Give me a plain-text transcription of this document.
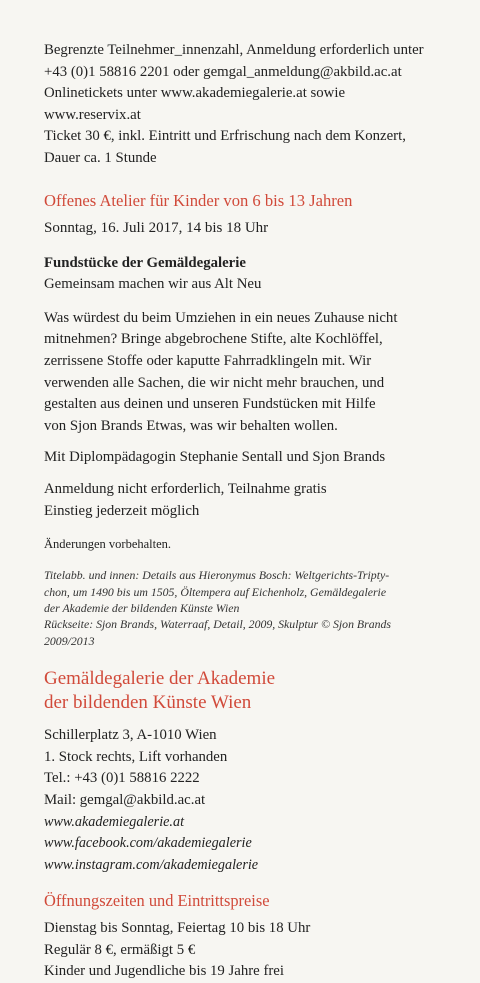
Begrenzte Teilnehmer_innenzahl, Anmeldung erforderlich unter
+43 (0)1 58816 2201 oder gemgal_anmeldung@akbild.ac.at
Onlinetickets unter www.akademiegalerie.at sowie
www.reservix.at
Ticket 30 €, inkl. Eintritt und Erfrischung nach dem Konzert,
Dauer ca. 1 Stunde
Offenes Atelier für Kinder von 6 bis 13 Jahren
Sonntag, 16. Juli 2017, 14 bis 18 Uhr
Fundstücke der Gemäldegalerie
Gemeinsam machen wir aus Alt Neu
Was würdest du beim Umziehen in ein neues Zuhause nicht
mitnehmen? Bringe abgebrochene Stifte, alte Kochlöffel,
zerrissene Stoffe oder kaputte Fahrradklingeln mit. Wir
verwenden alle Sachen, die wir nicht mehr brauchen, und
gestalten aus deinen und unseren Fundstücken mit Hilfe
von Sjon Brands Etwas, was wir behalten wollen.
Mit Diplompädagogin Stephanie Sentall und Sjon Brands
Anmeldung nicht erforderlich, Teilnahme gratis
Einstieg jederzeit möglich
Änderungen vorbehalten.
Titelabb. und innen: Details aus Hieronymus Bosch: Weltgerichts-Tripty-
chon, um 1490 bis um 1505, Öltempera auf Eichenholz, Gemäldegalerie
der Akademie der bildenden Künste Wien
Rückseite: Sjon Brands, Waterraaf, Detail, 2009, Skulptur © Sjon Brands
2009/2013
Gemäldegalerie der Akademie
der bildenden Künste Wien
Schillerplatz 3, A-1010 Wien
1. Stock rechts, Lift vorhanden
Tel.: +43 (0)1 58816 2222
Mail: gemgal@akbild.ac.at
www.akademiegalerie.at
www.facebook.com/akademiegalerie
www.instagram.com/akademiegalerie
Öffnungszeiten und Eintrittspreise
Dienstag bis Sonntag, Feiertag 10 bis 18 Uhr
Regulär 8 €, ermäßigt 5 €
Kinder und Jugendliche bis 19 Jahre frei
